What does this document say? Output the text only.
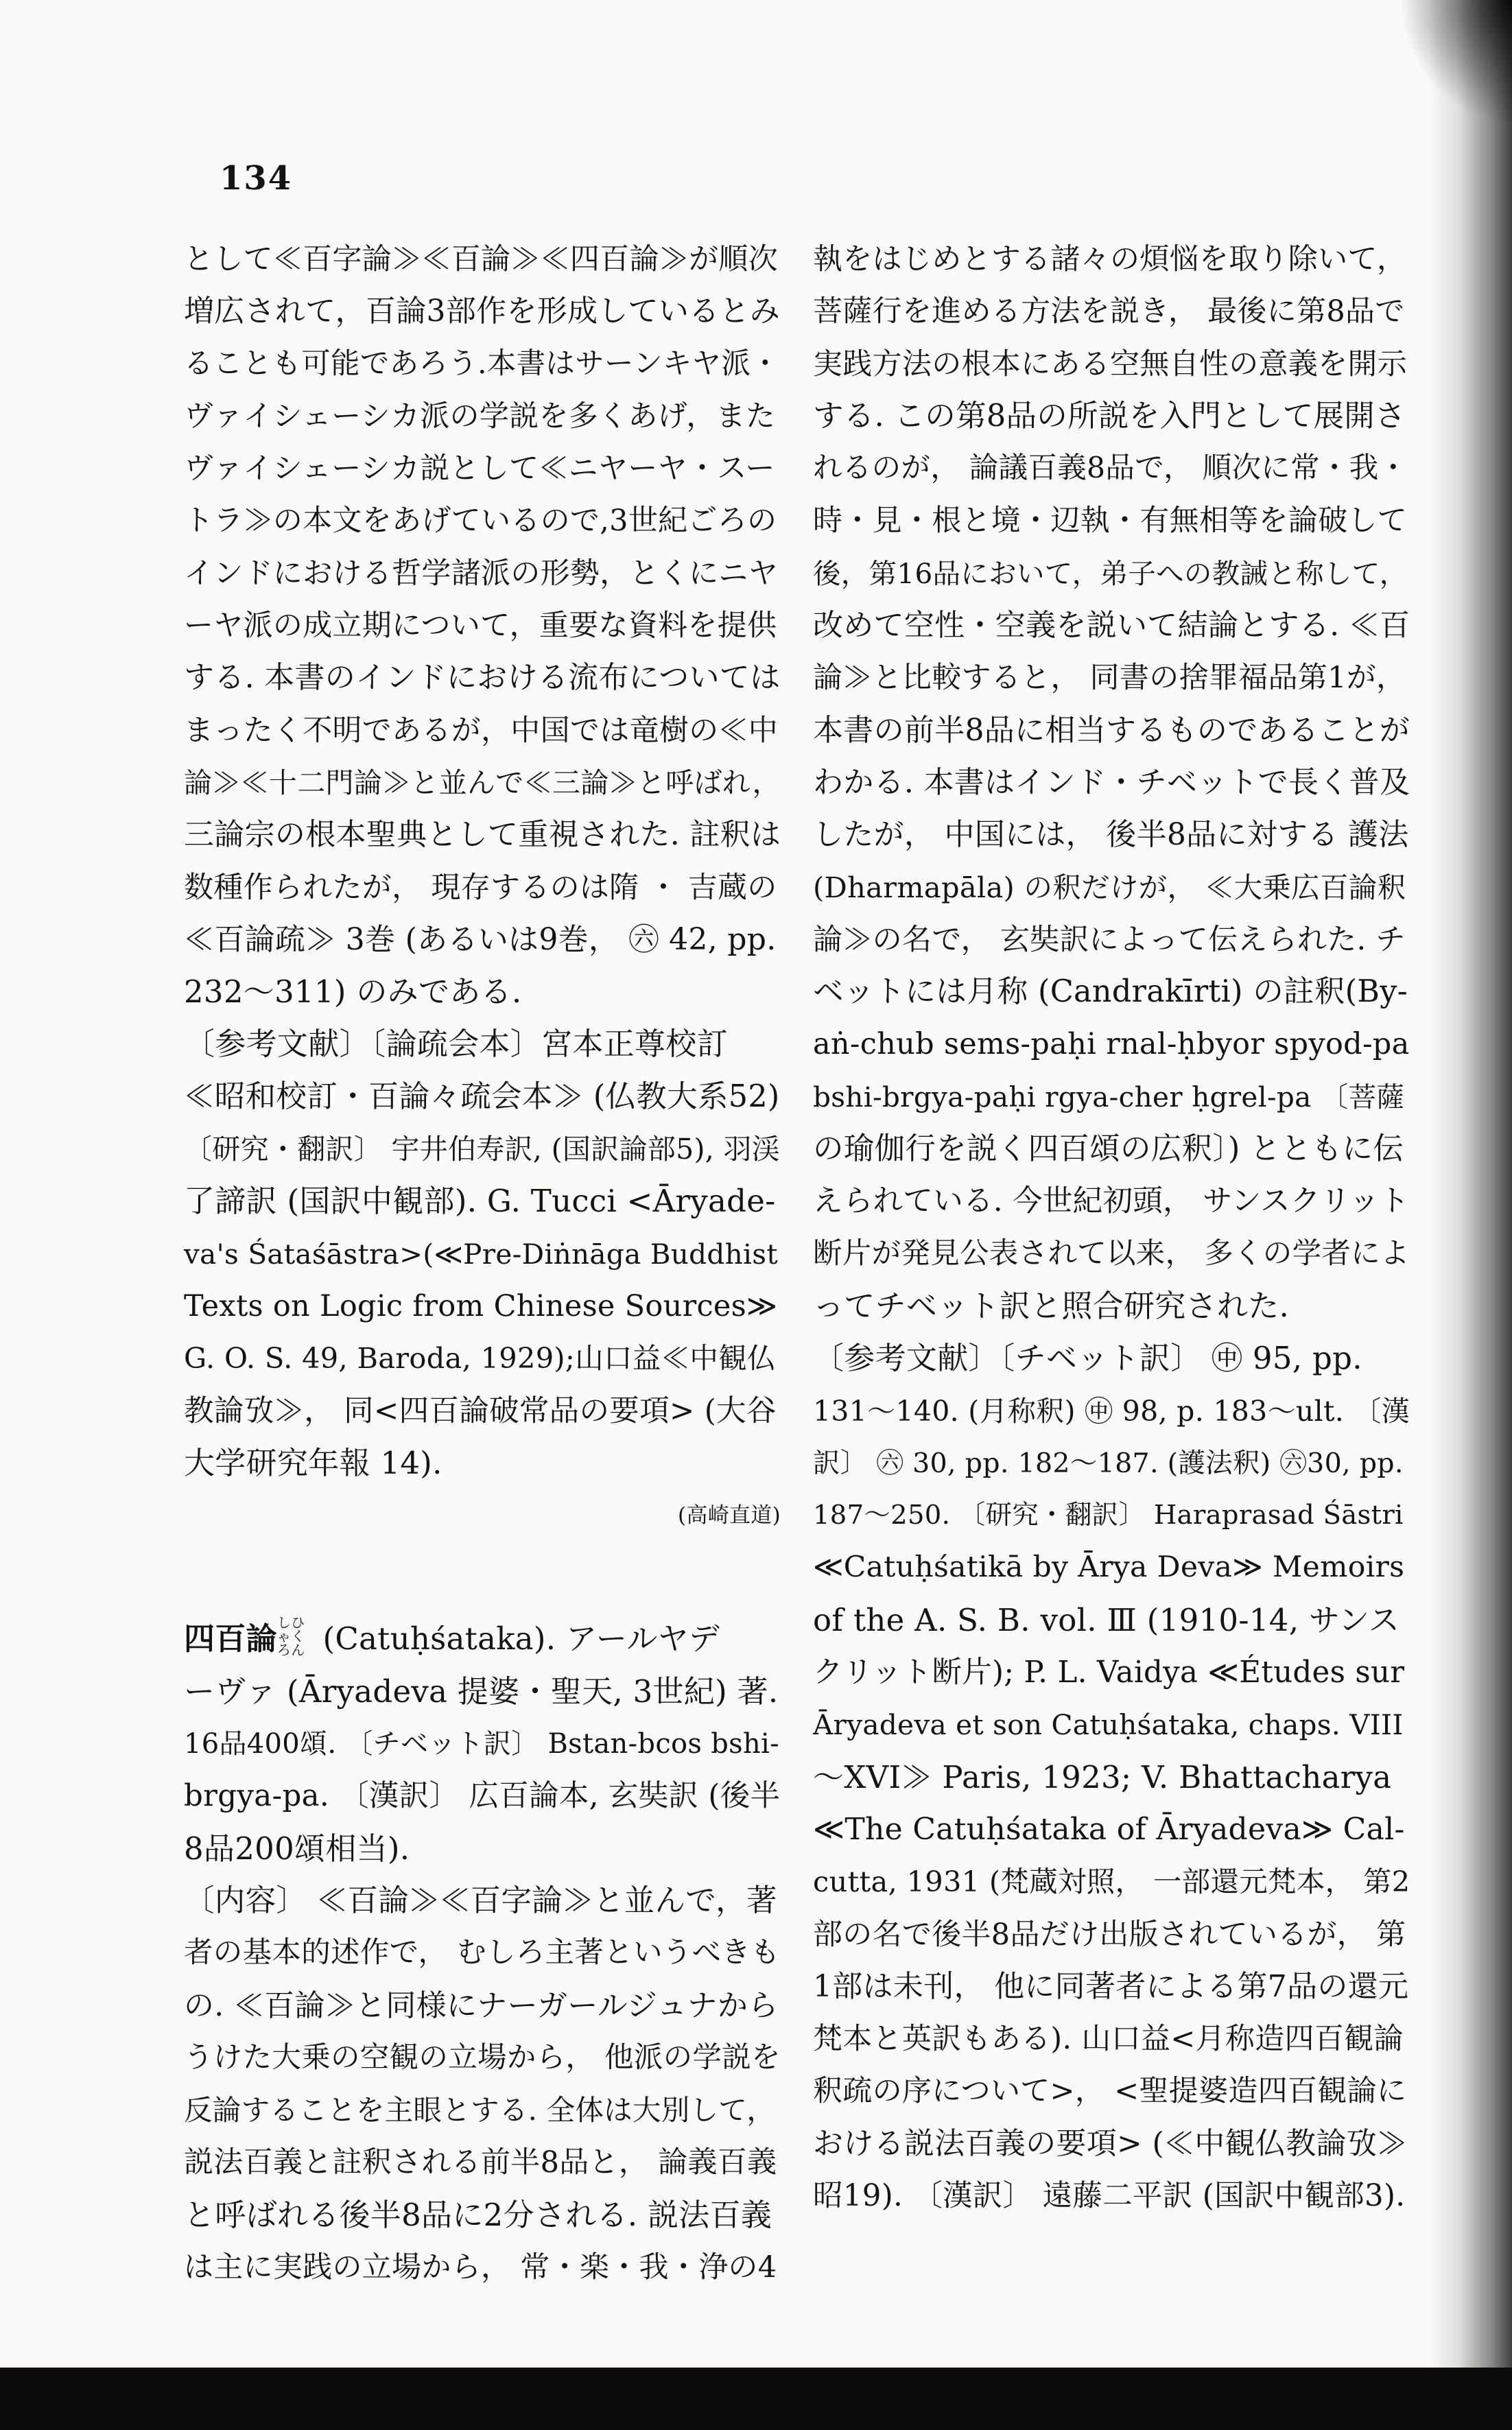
134
として≪百字論≫≪百論≫≪四百論≫が順次
増広されて，百論3部作を形成しているとみ
ることも可能であろう.本書はサーンキヤ派・
ヴァイシェーシカ派の学説を多くあげ，また
ヴァイシェーシカ説として≪ニヤーヤ・スー
トラ≫の本文をあげているので,3世紀ごろの
インドにおける哲学諸派の形勢，とくにニヤ
ーヤ派の成立期について，重要な資料を提供
する. 本書のインドにおける流布については
まったく不明であるが，中国では竜樹の≪中
論≫≪十二門論≫と並んで≪三論≫と呼ばれ，
三論宗の根本聖典として重視された. 註釈は
数種作られたが， 現存するのは隋 ・ 吉蔵の
≪百論疏≫ 3巻 (あるいは9巻， ㊅ 42, pp.
232～311) のみである.
〔参考文献〕〔論疏会本〕宮本正尊校訂
≪昭和校訂・百論々疏会本≫ (仏教大系52)
〔研究・翻訳〕 宇井伯寿訳, (国訳論部5), 羽渓
了諦訳 (国訳中観部). G. Tucci <Āryade-
va's Śataśāstra>(≪Pre-Diṅnāga Buddhist
Texts on Logic from Chinese Sources≫
G. O. S. 49, Baroda, 1929);山口益≪中観仏
教論攷≫， 同<四百論破常品の要項> (大谷
大学研究年報 14).
(高崎直道)
四百論しひゃくろん (Catuḥśataka). アールヤデ
ーヴァ (Āryadeva 提婆・聖天, 3世紀) 著.
16品400頌. 〔チベット訳〕 Bstan-bcos bshi-
brgya-pa. 〔漢訳〕 広百論本, 玄奘訳 (後半
8品200頌相当).
〔内容〕 ≪百論≫≪百字論≫と並んで，著
者の基本的述作で， むしろ主著というべきも
の. ≪百論≫と同様にナーガールジュナから
うけた大乗の空観の立場から， 他派の学説を
反論することを主眼とする. 全体は大別して，
説法百義と註釈される前半8品と， 論義百義
と呼ばれる後半8品に2分される. 説法百義
は主に実践の立場から， 常・楽・我・浄の4
執をはじめとする諸々の煩悩を取り除いて，
菩薩行を進める方法を説き， 最後に第8品で
実践方法の根本にある空無自性の意義を開示
する. この第8品の所説を入門として展開さ
れるのが， 論議百義8品で， 順次に常・我・
時・見・根と境・辺執・有無相等を論破して
後，第16品において，弟子への教誡と称して，
改めて空性・空義を説いて結論とする. ≪百
論≫と比較すると， 同書の捨罪福品第1が，
本書の前半8品に相当するものであることが
わかる. 本書はインド・チベットで長く普及
したが， 中国には， 後半8品に対する 護法
(Dharmapāla) の釈だけが， ≪大乗広百論釈
論≫の名で， 玄奘訳によって伝えられた. チ
ベットには月称 (Candrakīrti) の註釈(By-
aṅ-chub sems-paḥi rnal-ḥbyor spyod-pa
bshi-brgya-paḥi rgya-cher ḥgrel-pa 〔菩薩
の瑜伽行を説く四百頌の広釈〕) とともに伝
えられている. 今世紀初頭， サンスクリット
断片が発見公表されて以来， 多くの学者によ
ってチベット訳と照合研究された.
〔参考文献〕〔チベット訳〕 ㊥ 95, pp.
131～140. (月称釈) ㊥ 98, p. 183～ult. 〔漢
訳〕 ㊅ 30, pp. 182～187. (護法釈) ㊅30, pp.
187～250. 〔研究・翻訳〕 Haraprasad Śāstri
≪Catuḥśatikā by Ārya Deva≫ Memoirs
of the A. S. B. vol. Ⅲ (1910-14, サンス
クリット断片); P. L. Vaidya ≪Études sur
Āryadeva et son Catuḥśataka, chaps. VIII
～XVI≫ Paris, 1923; V. Bhattacharya
≪The Catuḥśataka of Āryadeva≫ Cal-
cutta, 1931 (梵蔵対照， 一部還元梵本， 第2
部の名で後半8品だけ出版されているが， 第
1部は未刊， 他に同著者による第7品の還元
梵本と英訳もある). 山口益<月称造四百観論
釈疏の序について>， <聖提婆造四百観論に
おける説法百義の要項> (≪中観仏教論攷≫
昭19). 〔漢訳〕 遠藤二平訳 (国訳中観部3).
